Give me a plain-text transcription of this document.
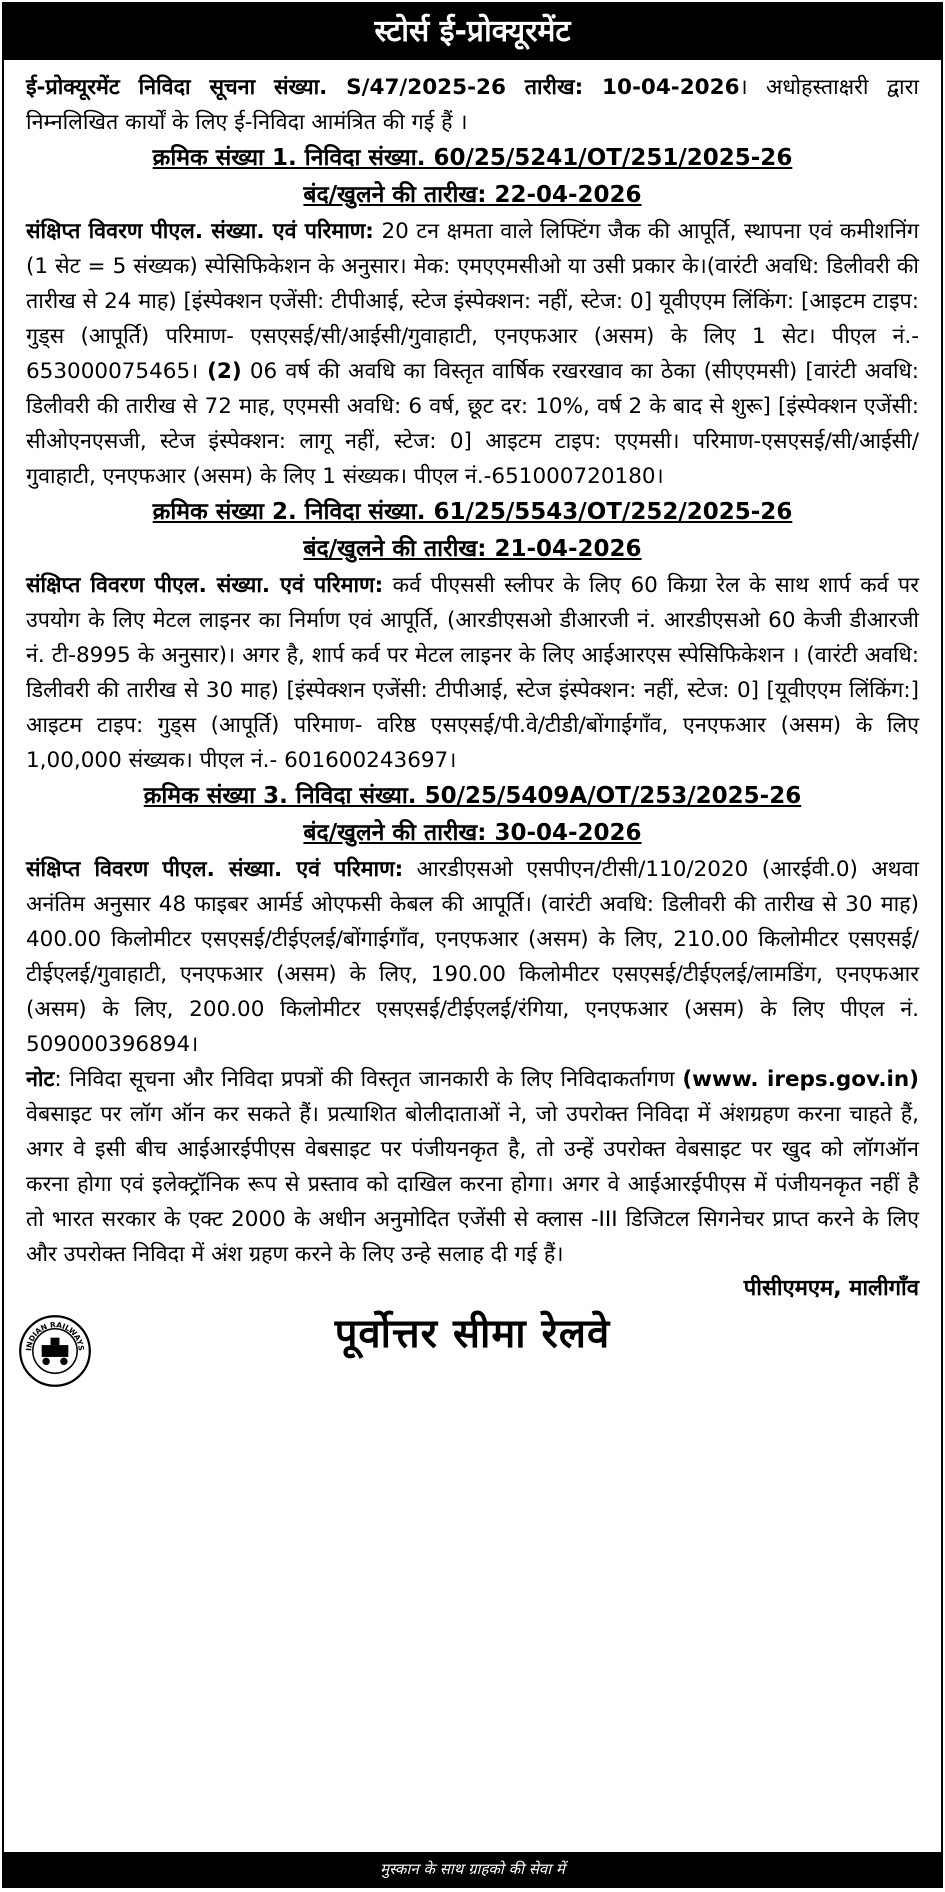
स्टोर्स ई-प्रोक्यूरमेंट

ई-प्रोक्यूरमेंट निविदा सूचना संख्या. S/47/2025-26 तारीख: 10-04-2026। अधोहस्ताक्षरी द्वारा निम्नलिखित कार्यों के लिए ई-निविदा आमंत्रित की गई हैं ।

क्रमिक संख्या 1. निविदा संख्या. 60/25/5241/OT/251/2025-26

बंद/खुलने की तारीख: 22-04-2026

संक्षिप्त विवरण पीएल. संख्या. एवं परिमाण: 20 टन क्षमता वाले लिफ्टिंग जैक की आपूर्ति, स्थापना एवं कमीशनिंग (1 सेट = 5 संख्यक) स्पेसिफिकेशन के अनुसार। मेक: एमएएमसीओ या उसी प्रकार के।(वारंटी अवधि: डिलीवरी की तारीख से 24 माह) [इंस्पेक्शन एजेंसी: टीपीआई, स्टेज इंस्पेक्शन: नहीं, स्टेज: 0] यूवीएएम लिंकिंग: [आइटम टाइप: गुड्स (आपूर्ति) परिमाण- एसएसई/सी/आईसी/गुवाहाटी, एनएफआर (असम) के लिए 1 सेट। पीएल नं.- 653000075465। (2) 06 वर्ष की अवधि का विस्तृत वार्षिक रखरखाव का ठेका (सीएएमसी) [वारंटी अवधि: डिलीवरी की तारीख से 72 माह, एएमसी अवधि: 6 वर्ष, छूट दर: 10%, वर्ष 2 के बाद से शुरू] [इंस्पेक्शन एजेंसी: सीओएनएसजी, स्टेज इंस्पेक्शन: लागू नहीं, स्टेज: 0] आइटम टाइप: एएमसी। परिमाण-एसएसई/सी/आईसी/गुवाहाटी, एनएफआर (असम) के लिए 1 संख्यक। पीएल नं.-651000720180।

क्रमिक संख्या 2. निविदा संख्या. 61/25/5543/OT/252/2025-26

बंद/खुलने की तारीख: 21-04-2026

संक्षिप्त विवरण पीएल. संख्या. एवं परिमाण: कर्व पीएससी स्लीपर के लिए 60 किग्रा रेल के साथ शार्प कर्व पर उपयोग के लिए मेटल लाइनर का निर्माण एवं आपूर्ति, (आरडीएसओ डीआरजी नं. आरडीएसओ 60 केजी डीआरजी नं. टी-8995 के अनुसार)। अगर है, शार्प कर्व पर मेटल लाइनर के लिए आईआरएस स्पेसिफिकेशन । (वारंटी अवधि: डिलीवरी की तारीख से 30 माह) [इंस्पेक्शन एजेंसी: टीपीआई, स्टेज इंस्पेक्शन: नहीं, स्टेज: 0] [यूवीएएम लिंकिंग:] आइटम टाइप: गुड्स (आपूर्ति) परिमाण- वरिष्ठ एसएसई/पी.वे/टीडी/बोंगाईगाँव, एनएफआर (असम) के लिए 1,00,000 संख्यक। पीएल नं.- 601600243697।

क्रमिक संख्या 3. निविदा संख्या. 50/25/5409A/OT/253/2025-26

बंद/खुलने की तारीख: 30-04-2026

संक्षिप्त विवरण पीएल. संख्या. एवं परिमाण: आरडीएसओ एसपीएन/टीसी/110/2020 (आरईवी.0) अथवा अनंतिम अनुसार 48 फाइबर आर्मर्ड ओएफसी केबल की आपूर्ति। (वारंटी अवधि: डिलीवरी की तारीख से 30 माह) 400.00 किलोमीटर एसएसई/टीईएलई/बोंगाईगाँव, एनएफआर (असम) के लिए, 210.00 किलोमीटर एसएसई/टीईएलई/गुवाहाटी, एनएफआर (असम) के लिए, 190.00 किलोमीटर एसएसई/टीईएलई/लामडिंग, एनएफआर (असम) के लिए, 200.00 किलोमीटर एसएसई/टीईएलई/रंगिया, एनएफआर (असम) के लिए पीएल नं. 509000396894।

नोट: निविदा सूचना और निविदा प्रपत्रों की विस्तृत जानकारी के लिए निविदाकर्तागण (www. ireps.gov.in) वेबसाइट पर लॉग ऑन कर सकते हैं। प्रत्याशित बोलीदाताओं ने, जो उपरोक्त निविदा में अंशग्रहण करना चाहते हैं, अगर वे इसी बीच आईआरईपीएस वेबसाइट पर पंजीयनकृत है, तो उन्हें उपरोक्त वेबसाइट पर खुद को लॉगऑन करना होगा एवं इलेक्ट्रॉनिक रूप से प्रस्ताव को दाखिल करना होगा। अगर वे आईआरईपीएस में पंजीयनकृत नहीं है तो भारत सरकार के एक्ट 2000 के अधीन अनुमोदित एजेंसी से क्लास -III डिजिटल सिगनेचर प्राप्त करने के लिए और उपरोक्त निविदा में अंश ग्रहण करने के लिए उन्हे सलाह दी गई हैं।

पीसीएमएम, मालीगाँव

INDIAN RAILWAYS	पूर्वोत्तर सीमा रेलवे
मुस्कान के साथ ग्राहको की सेवा में
